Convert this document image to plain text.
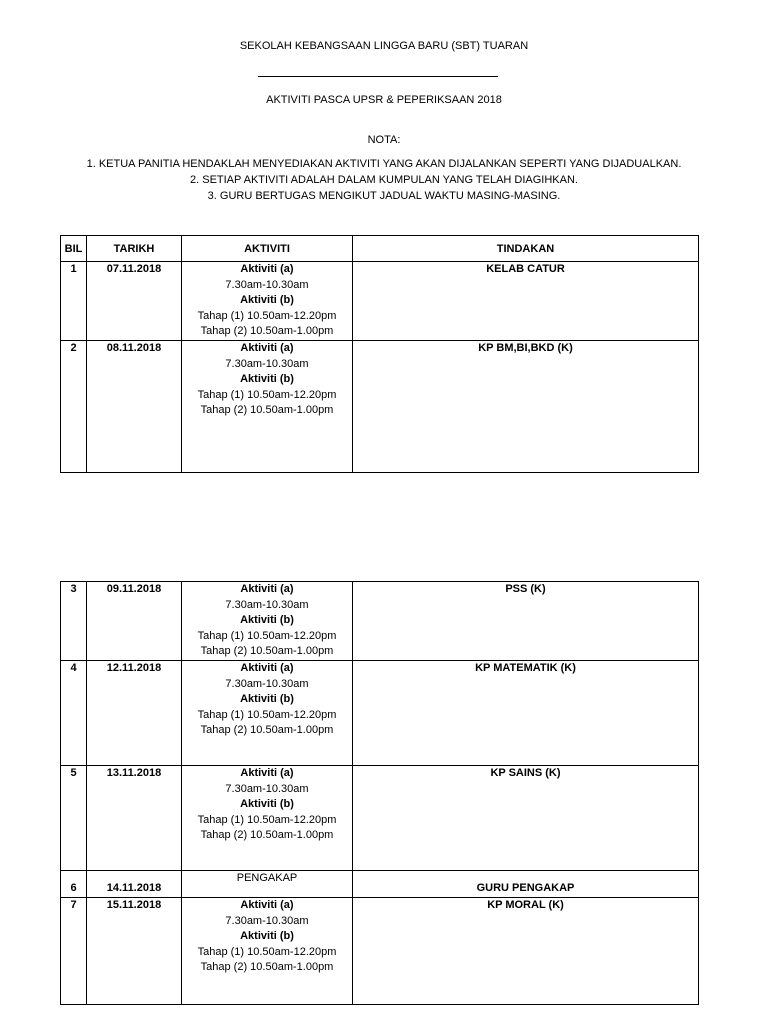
SEKOLAH KEBANGSAAN LINGGA BARU (SBT) TUARAN
AKTIVITI PASCA UPSR & PEPERIKSAAN 2018
NOTA:
1. KETUA PANITIA HENDAKLAH MENYEDIAKAN AKTIVITI YANG AKAN DIJALANKAN SEPERTI YANG DIJADUALKAN.
2. SETIAP AKTIVITI ADALAH DALAM KUMPULAN YANG TELAH DIAGIHKAN.
3. GURU BERTUGAS MENGIKUT JADUAL WAKTU MASING-MASING.
BIL	TARIKH	AKTIVITI	TINDAKAN
1	07.11.2018	Aktiviti (a)
7.30am-10.30am
Aktiviti (b)
Tahap (1) 10.50am-12.20pm
Tahap (2) 10.50am-1.00pm	KELAB CATUR
2	08.11.2018	Aktiviti (a)
7.30am-10.30am
Aktiviti (b)
Tahap (1) 10.50am-12.20pm
Tahap (2) 10.50am-1.00pm	KP BM,BI,BKD (K)
3	09.11.2018	Aktiviti (a)
7.30am-10.30am
Aktiviti (b)
Tahap (1) 10.50am-12.20pm
Tahap (2) 10.50am-1.00pm	PSS (K)
4	12.11.2018	Aktiviti (a)
7.30am-10.30am
Aktiviti (b)
Tahap (1) 10.50am-12.20pm
Tahap (2) 10.50am-1.00pm	KP MATEMATIK (K)
5	13.11.2018	Aktiviti (a)
7.30am-10.30am
Aktiviti (b)
Tahap (1) 10.50am-12.20pm
Tahap (2) 10.50am-1.00pm	KP SAINS (K)
6	14.11.2018	PENGAKAP	GURU PENGAKAP
7	15.11.2018	Aktiviti (a)
7.30am-10.30am
Aktiviti (b)
Tahap (1) 10.50am-12.20pm
Tahap (2) 10.50am-1.00pm	KP MORAL (K)
